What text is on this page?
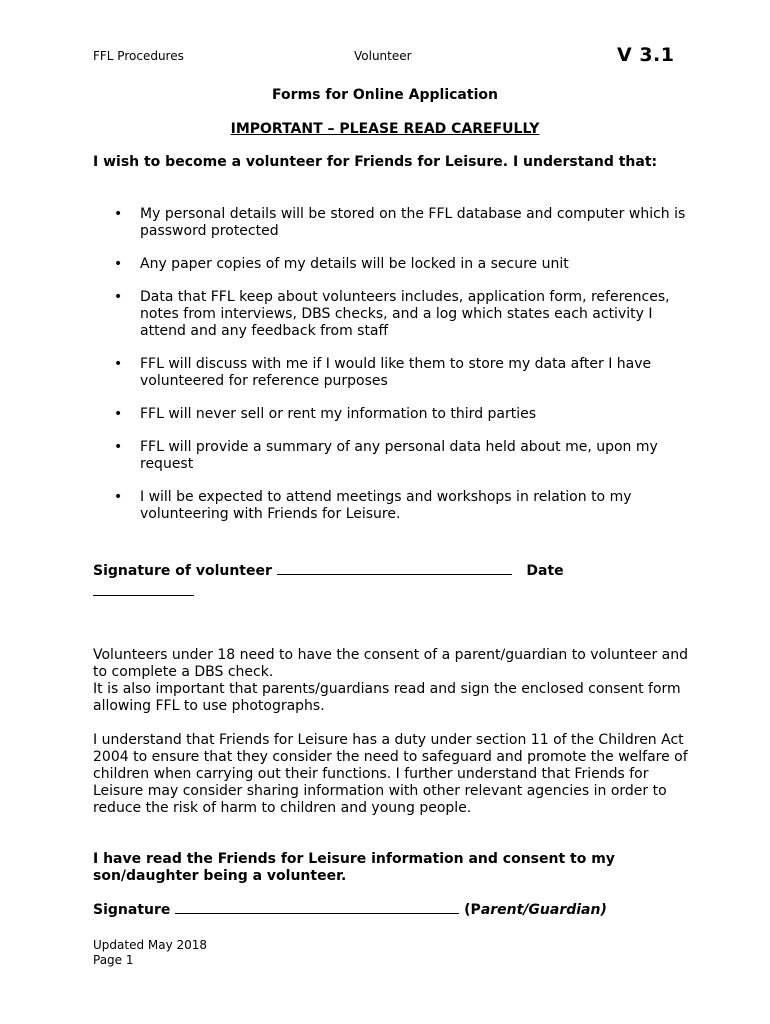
FFL Procedures	Volunteer	V 3.1
Forms for Online Application
IMPORTANT – PLEASE READ CAREFULLY
I wish to become a volunteer for Friends for Leisure. I understand that:
• My personal details will be stored on the FFL database and computer which is password protected
• Any paper copies of my details will be locked in a secure unit
• Data that FFL keep about volunteers includes, application form, references, notes from interviews, DBS checks, and a log which states each activity I attend and any feedback from staff
• FFL will discuss with me if I would like them to store my data after I have volunteered for reference purposes
• FFL will never sell or rent my information to third parties
• FFL will provide a summary of any personal data held about me, upon my request
• I will be expected to attend meetings and workshops in relation to my volunteering with Friends for Leisure.
Signature of volunteer	Date
Volunteers under 18 need to have the consent of a parent/guardian to volunteer and to complete a DBS check.
It is also important that parents/guardians read and sign the enclosed consent form allowing FFL to use photographs.
I understand that Friends for Leisure has a duty under section 11 of the Children Act 2004 to ensure that they consider the need to safeguard and promote the welfare of children when carrying out their functions. I further understand that Friends for Leisure may consider sharing information with other relevant agencies in order to reduce the risk of harm to children and young people.
I have read the Friends for Leisure information and consent to my son/daughter being a volunteer.
Signature	(Parent/Guardian)
Updated May 2018
Page 1
